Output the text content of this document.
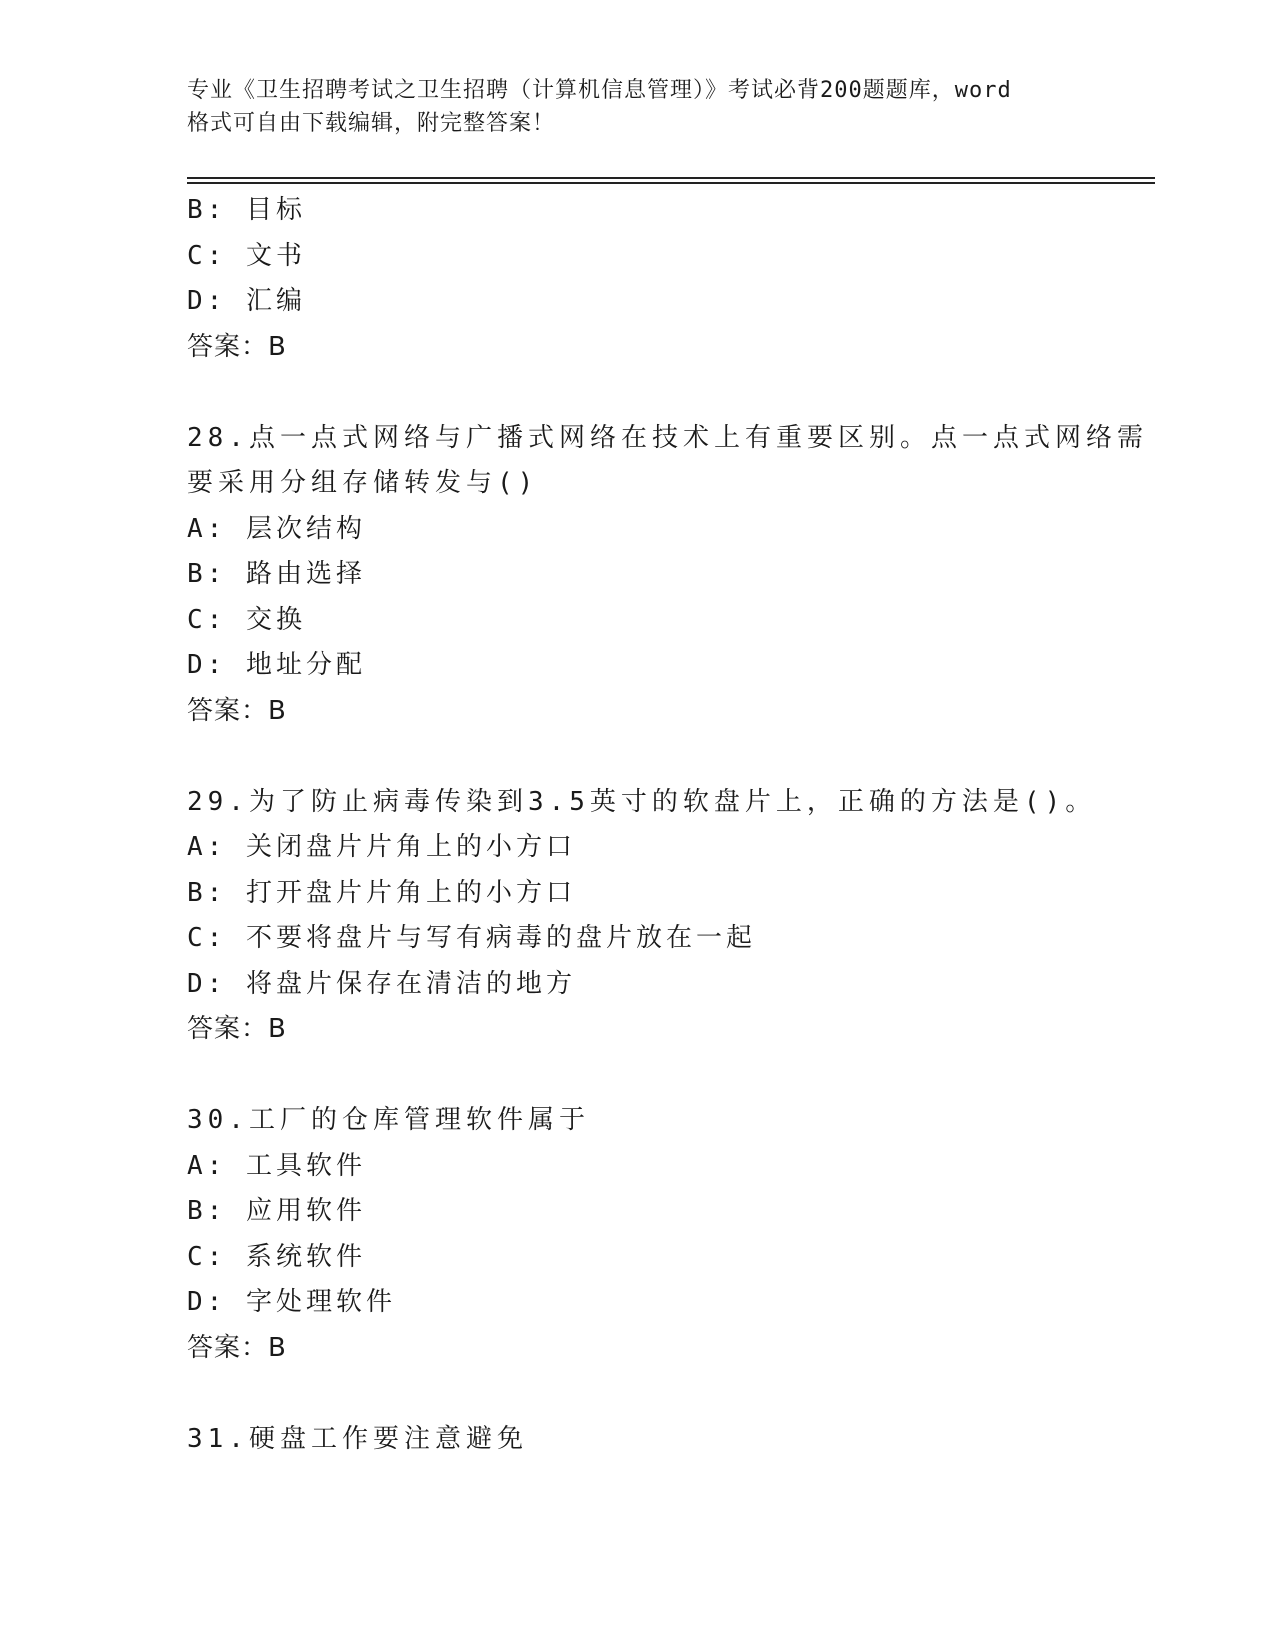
专业《卫生招聘考试之卫生招聘（计算机信息管理）》考试必背200题题库，word
格式可自由下载编辑，附完整答案！
B: 目标
C: 文书
D: 汇编
答案：B
28.点一点式网络与广播式网络在技术上有重要区别。点一点式网络需
要采用分组存储转发与()
A: 层次结构
B: 路由选择
C: 交换
D: 地址分配
答案：B
29.为了防止病毒传染到3.5英寸的软盘片上，正确的方法是()。
A: 关闭盘片片角上的小方口
B: 打开盘片片角上的小方口
C: 不要将盘片与写有病毒的盘片放在一起
D: 将盘片保存在清洁的地方
答案：B
30.工厂的仓库管理软件属于
A: 工具软件
B: 应用软件
C: 系统软件
D: 字处理软件
答案：B
31.硬盘工作要注意避免
